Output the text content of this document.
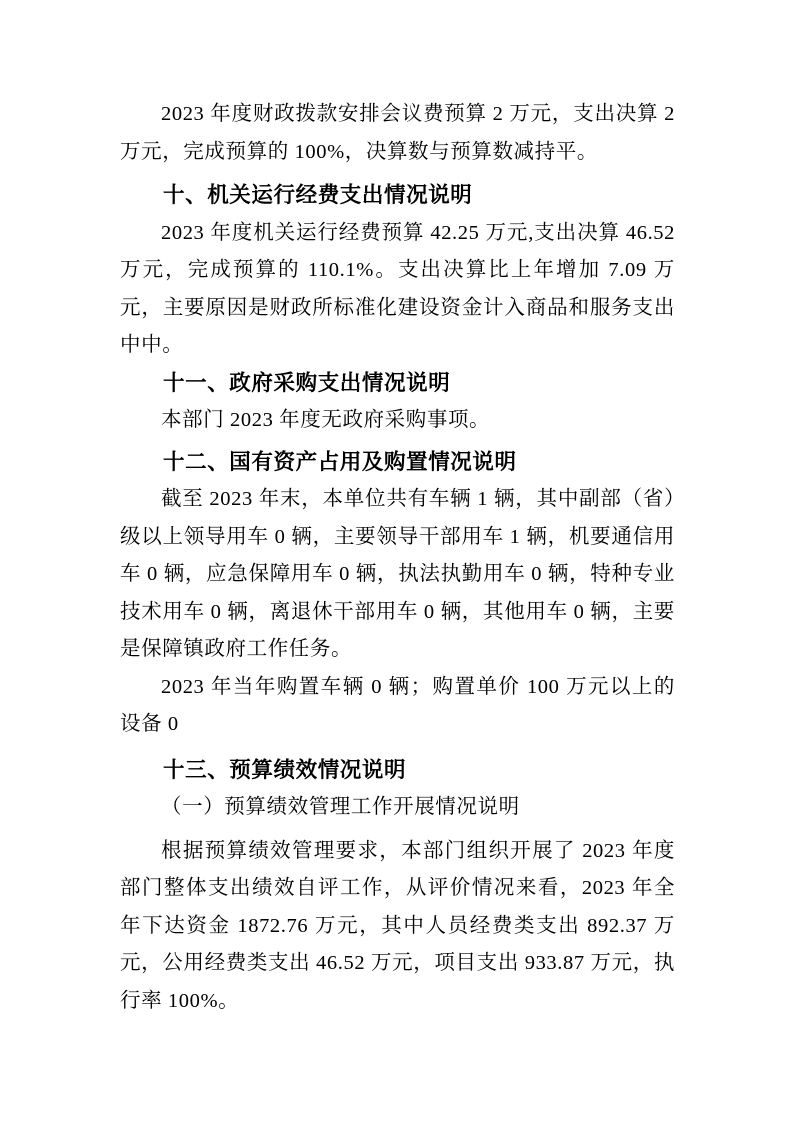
2023 年度财政拨款安排会议费预算 2 万元，支出决算 2 万元，完成预算的 100%，决算数与预算数减持平。

十、机关运行经费支出情况说明

2023 年度机关运行经费预算 42.25 万元,支出决算 46.52 万元，完成预算的 110.1%。支出决算比上年增加 7.09 万元，主要原因是财政所标准化建设资金计入商品和服务支出中中。

十一、政府采购支出情况说明

本部门 2023 年度无政府采购事项。

十二、国有资产占用及购置情况说明

截至 2023 年末，本单位共有车辆 1 辆，其中副部（省）级以上领导用车 0 辆，主要领导干部用车 1 辆，机要通信用车 0 辆，应急保障用车 0 辆，执法执勤用车 0 辆，特种专业技术用车 0 辆，离退休干部用车 0 辆，其他用车 0 辆，主要是保障镇政府工作任务。

2023 年当年购置车辆 0 辆；购置单价 100 万元以上的设备 0

十三、预算绩效情况说明
（一）预算绩效管理工作开展情况说明

根据预算绩效管理要求，本部门组织开展了 2023 年度部门整体支出绩效自评工作，从评价情况来看，2023 年全年下达资金 1872.76 万元，其中人员经费类支出 892.37 万元，公用经费类支出 46.52 万元，项目支出 933.87 万元，执行率 100%。
